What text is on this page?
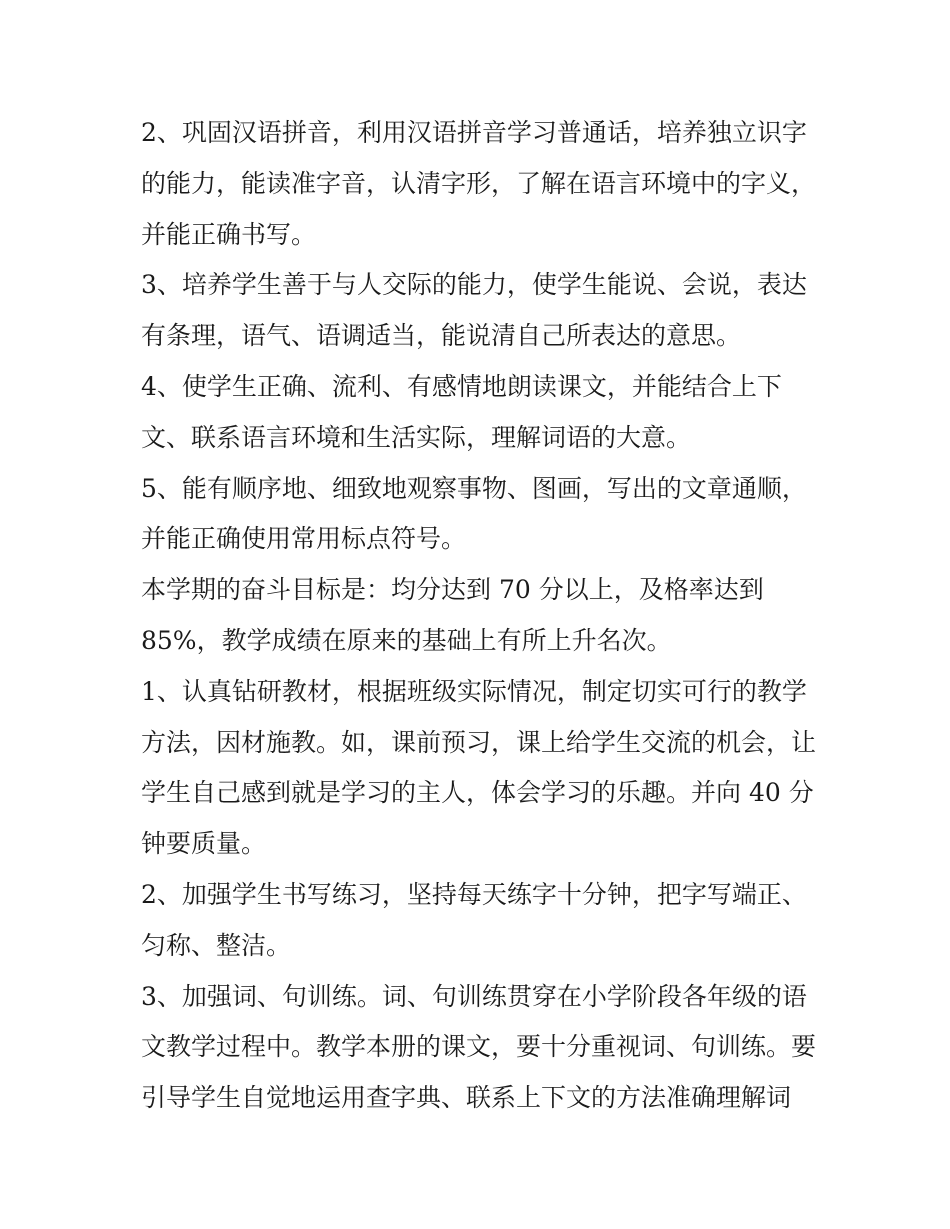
2、巩固汉语拼音，利用汉语拼音学习普通话，培养独立识字
的能力，能读准字音，认清字形，了解在语言环境中的字义，
并能正确书写。
3、培养学生善于与人交际的能力，使学生能说、会说，表达
有条理，语气、语调适当，能说清自己所表达的意思。
4、使学生正确、流利、有感情地朗读课文，并能结合上下
文、联系语言环境和生活实际，理解词语的大意。
5、能有顺序地、细致地观察事物、图画，写出的文章通顺，
并能正确使用常用标点符号。
本学期的奋斗目标是：均分达到 70 分以上，及格率达到
85%，教学成绩在原来的基础上有所上升名次。
1、认真钻研教材，根据班级实际情况，制定切实可行的教学
方法，因材施教。如，课前预习，课上给学生交流的机会，让
学生自己感到就是学习的主人，体会学习的乐趣。并向 40 分
钟要质量。
2、加强学生书写练习，坚持每天练字十分钟，把字写端正、
匀称、整洁。
3、加强词、句训练。词、句训练贯穿在小学阶段各年级的语
文教学过程中。教学本册的课文，要十分重视词、句训练。要
引导学生自觉地运用查字典、联系上下文的方法准确理解词
